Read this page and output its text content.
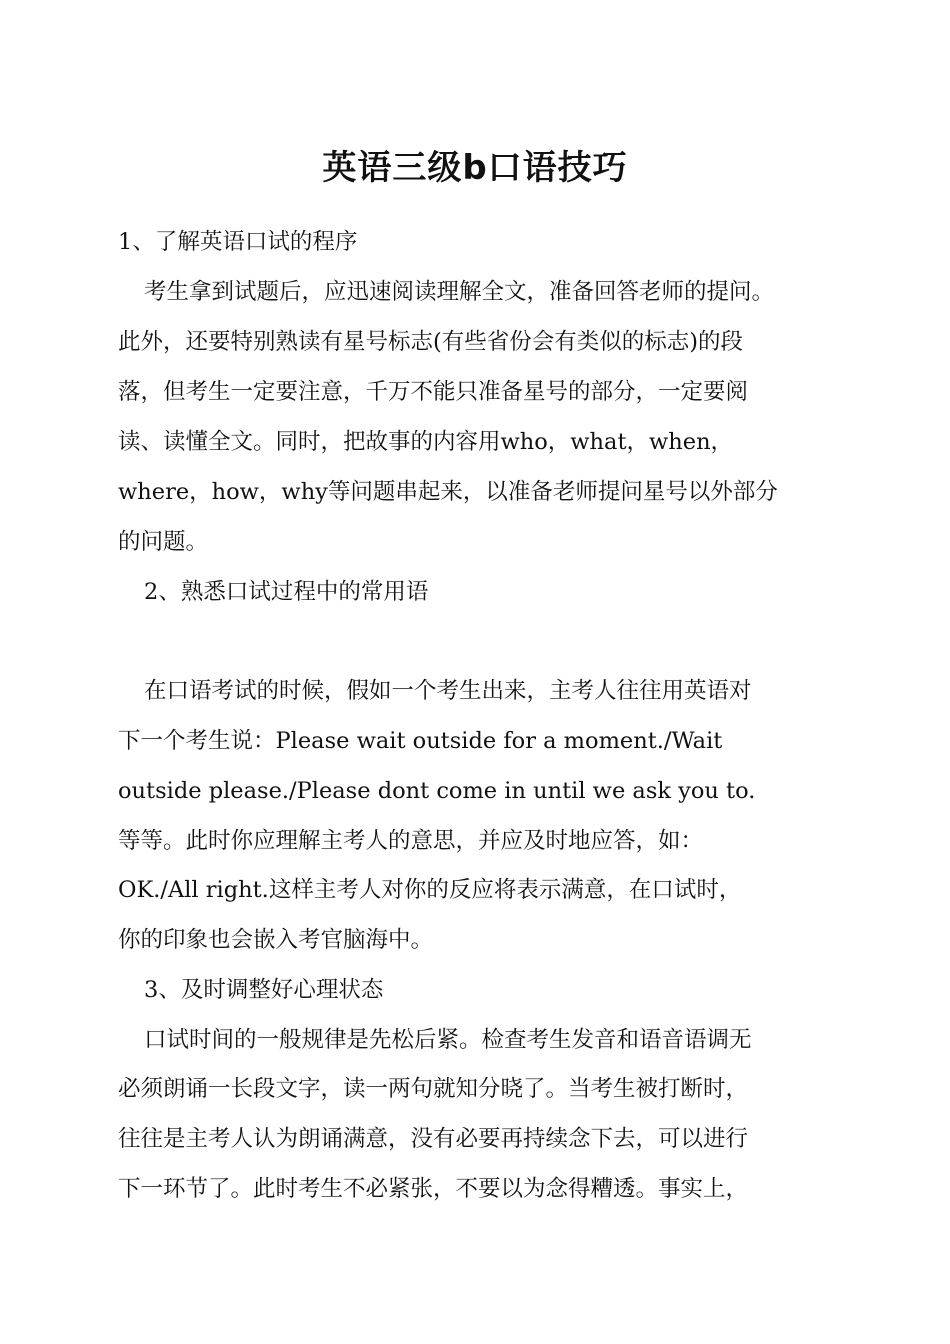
英语三级b口语技巧

1、了解英语口试的程序

考生拿到试题后，应迅速阅读理解全文，准备回答老师的提问。

此外，还要特别熟读有星号标志(有些省份会有类似的标志)的段

落，但考生一定要注意，千万不能只准备星号的部分，一定要阅

读、读懂全文。同时，把故事的内容用who，what，when，

where，how，why等问题串起来，以准备老师提问星号以外部分

的问题。

2、熟悉口试过程中的常用语

在口语考试的时候，假如一个考生出来，主考人往往用英语对

下一个考生说：Please wait outside for a moment./Wait

outside please./Please dont come in until we ask you to.

等等。此时你应理解主考人的意思，并应及时地应答，如：

OK./All right.这样主考人对你的反应将表示满意，在口试时，

你的印象也会嵌入考官脑海中。

3、及时调整好心理状态

口试时间的一般规律是先松后紧。检查考生发音和语音语调无

必须朗诵一长段文字，读一两句就知分晓了。当考生被打断时，

往往是主考人认为朗诵满意，没有必要再持续念下去，可以进行

下一环节了。此时考生不必紧张，不要以为念得糟透。事实上，
